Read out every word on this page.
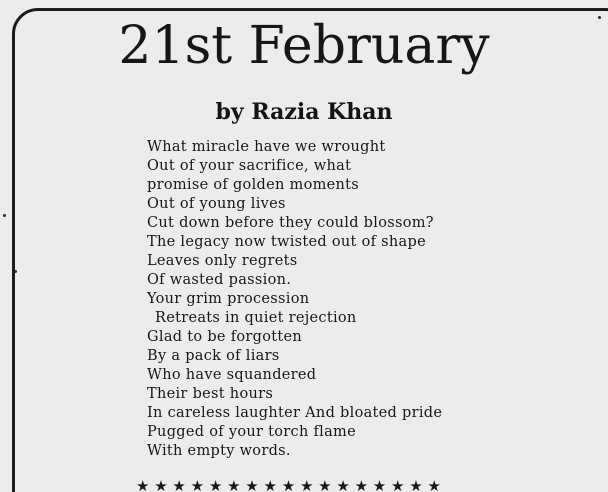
21st February
by Razia Khan
What miracle have we wrought
Out of your sacrifice, what
promise of golden moments
Out of young lives
Cut down before they could blossom?
The legacy now twisted out of shape
Leaves only regrets
Of wasted passion.
Your grim procession
Retreats in quiet rejection
Glad to be forgotten
By a pack of liars
Who have squandered
Their best hours
In careless laughter And bloated pride
Pugged of your torch flame
With empty words.
★ ★ ★ ★ ★ ★ ★ ★ ★ ★ ★ ★ ★ ★ ★ ★ ★
